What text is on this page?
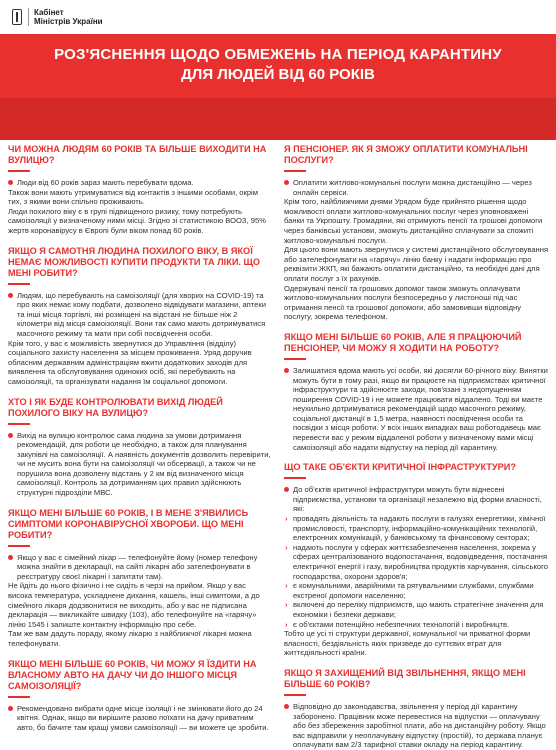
Кабінет
Міністрів України
РОЗ'ЯСНЕННЯ ЩОДО ОБМЕЖЕНЬ НА ПЕРІОД КАРАНТИНУ
ДЛЯ ЛЮДЕЙ ВІД 60 РОКІВ
ЧИ МОЖНА ЛЮДЯМ 60 РОКІВ ТА БІЛЬШЕ ВИХОДИТИ НА ВУЛИЦЮ?
Люди від 60 років зараз мають перебувати вдома.
Також вони мають утримуватися від контактів з іншими особами, окрім тих, з якими вони спільно проживають.
Люди похилого віку є в групі підвищеного ризику, тому потребують самоізоляції у визначеному ними місці. Згідно зі статистикою ВООЗ, 95% жертв коронавірусу в Європі були віком понад 60 років.
ЯКЩО Я САМОТНЯ ЛЮДИНА ПОХИЛОГО ВІКУ, В ЯКОЇ НЕМАЄ МОЖЛИВОСТІ КУПИТИ ПРОДУКТИ ТА ЛІКИ. ЩО МЕНІ РОБИТИ?
Людям, що перебувають на самоізоляції (для хворих на COVID-19) та про яких немає кому подбати, дозволено відвідувати магазини, аптеки та інші місця торгівлі, які розміщені на відстані не більше ніж 2 кілометри від місця самоізоляції. Вони так само мають дотримуватися масочного режиму та мати при собі посвідчення особи.
Крім того, у вас є можливість звернутися до Управління (відділу) соціального захисту населення за місцем проживання. Уряд доручив обласним державним адміністраціям вжити додаткових заходів для виявлення та обслуговування одиноких осіб, які перебувають на самоізоляції, та організувати надання їм соціальної допомоги.
ХТО І ЯК БУДЕ КОНТРОЛЮВАТИ ВИХІД ЛЮДЕЙ ПОХИЛОГО ВІКУ НА ВУЛИЦЮ?
Вихід на вулицю контролює сама людина за умови дотримання рекомендацій, для роботи це необхідно, а також для планування закупівлі на самоізоляції. А наявність документів дозволить перевірити, чи не мусить вона бути на самоізоляції чи обсервації, а також чи не порушила вона дозволену відстань у 2 км від визначеного місця самоізоляції. Контроль за дотриманням цих правил здійснюють структурні підрозділи МВС.
ЯКЩО МЕНІ БІЛЬШЕ 60 РОКІВ, І В МЕНЕ З'ЯВИЛИСЬ СИМПТОМИ КОРОНАВІРУСНОЇ ХВОРОБИ. ЩО МЕНІ РОБИТИ?
Якщо у вас є сімейний лікар — телефонуйте йому (номер телефону можна знайти в декларації, на сайті лікарні або зателефонувати в реєстратуру своєї лікарні і запитати там).
Не йдіть до нього фізично і не сидіть в черзі на прийом. Якщо у вас висока температура, ускладнене дихання, кашель, інші симптоми, а до сімейного лікаря додзвонитися не виходить, або у вас не підписана декларація — викликайте швидку (103), або телефонуйте на «гарячу» лінію 1545 і залиште контактну інформацію про себе.
Там же вам дадуть пораду, якому лікарю з найближчої лікарні можна телефонувати.
ЯКЩО МЕНІ БІЛЬШЕ 60 РОКІВ, ЧИ МОЖУ Я ЇЗДИТИ НА ВЛАСНОМУ АВТО НА ДАЧУ ЧИ ДО ІНШОГО МІСЦЯ САМОІЗОЛЯЦІЇ?
Рекомендовано вибрати одне місце ізоляції і не змінювати його до 24 квітня. Однак, якщо ви вирішите разово поїхати на дачу приватним авто, бо бачите там кращі умови самоізоляції — ви можете це зробити.
Я ПЕНСІОНЕР. ЯК Я ЗМОЖУ ОПЛАТИТИ КОМУНАЛЬНІ ПОСЛУГИ?
Оплатити житлово-комунальні послуги можна дистанційно — через онлайн сервіси.
Крім того, найближчими днями Урядом буде прийнято рішення щодо можливості оплати житлово-комунальних послуг через уповноважені банки та Укрпошту. Громадяни, які отримують пенсії та грошові допомоги через банківські установи, зможуть дистанційно сплачувати за спожиті житлово-комунальні послуги.
Для цього вони мають звернутися у системі дистанційного обслуговування або зателефонувати на «гарячу» лінію банку і надати інформацію про реквізити ЖКП, які бажають оплатити дистанційно, та необхідні дані для оплати послуг з їх рахунків.
Одержувачі пенсії та грошових допомог також зможуть оплачувати житлово-комунальних послуги безпосередньо у листоноші під час отримання пенсії та грошової допомоги, або замовивши відповідну послугу, зокрема телефоном.
ЯКЩО МЕНІ БІЛЬШЕ 60 РОКІВ, АЛЕ Я ПРАЦЮЮЧИЙ ПЕНСІОНЕР, ЧИ МОЖУ Я ХОДИТИ НА РОБОТУ?
Залишатися вдома мають усі особи, які досягли 60-річного віку. Винятки можуть бути в тому разі, якщо ви працюєте на підприємствах критичної інфраструктури та здійснюєте заходи, пов'язані з недопущенням поширення COVID-19 і не можете працювати віддалено. Тоді ви маєте неухильно дотримуватися рекомендацій щодо масочного режиму, соціальної дистанції в 1,5 метра, наявності посвідчення особи та посвідки з місця роботи. У всіх інших випадках ваш роботодавець має перевести вас у режим віддаленої роботи у визначеному вами місці самоізоляції або надати відпустку на період дії карантину.
ЩО ТАКЕ ОБ'ЄКТИ КРИТИЧНОЇ ІНФРАСТРУКТУРИ?
До об'єктів критичної інфраструктури можуть бути віднесені підприємства, установи та організації незалежно від форми власності, які:
› провадять діяльність та надають послуги в галузях енергетики, хімічної промисловості, транспорту, інформаційно-комунікаційних технологій, електронних комунікацій, у банківському та фінансовому секторах;
› надають послуги у сферах життєзабезпечення населення, зокрема у сферах централізованого водопостачання, водовідведення, постачання електричної енергії і газу, виробництва продуктів харчування, сільського господарства, охорони здоров'я;
› є комунальними, аварійними та рятувальними службами, службами екстреної допомоги населенню;
› включені до переліку підприємств, що мають стратегічне значення для економіки і безпеки держави;
› є об'єктами потенційно небезпечних технологій і виробництв.
Тобто це усі ті структури державної, комунальної чи приватної форми власності, бездіяльність яких призведе до суттєвих втрат для життєдіяльності країни.
ЯКЩО Я ЗАХИЩЕНИЙ ВІД ЗВІЛЬНЕННЯ, ЯКЩО МЕНІ БІЛЬШЕ 60 РОКІВ?
Відповідно до законодавства, звільнення у період дії карантину заборонено. Працівник може перевестися на відпустки — оплачувану або без збереження заробітної плати, або на дистанційну роботу. Якщо вас відправили у неоплачувану відпустку (простій), то держава планує оплачувати вам 2/3 тарифної ставки окладу на період карантину.
